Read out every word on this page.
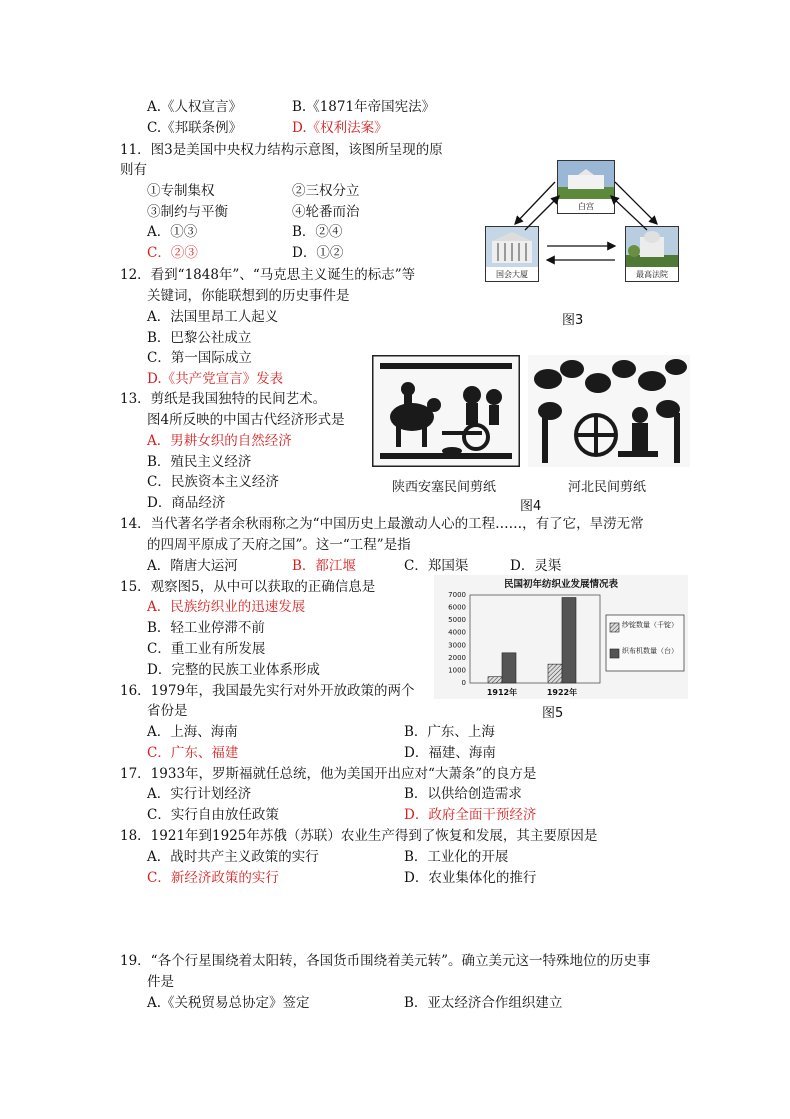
A.《人权宣言》	B.《1871年帝国宪法》
C.《邦联条例》	D.《权利法案》
11．图3是美国中央权力结构示意图，该图所呈现的原
则有
①专制集权	②三权分立
③制约与平衡	④轮番而治
A．①③	B．②④
C．②③	D．①②
白宫
国会大厦	最高法院
图3
12．看到“1848年”、“马克思主义诞生的标志”等
关键词，你能联想到的历史事件是
A．法国里昂工人起义
B．巴黎公社成立
C．第一国际成立
D.《共产党宣言》发表
13．剪纸是我国独特的民间艺术。
图4所反映的中国古代经济形式是
A．男耕女织的自然经济
B．殖民主义经济
C．民族资本主义经济
D．商品经济
陕西安塞民间剪纸	河北民间剪纸
图4
14．当代著名学者余秋雨称之为“中国历史上最激动人心的工程……，有了它，旱涝无常
的四周平原成了天府之国”。这一“工程”是指
A．隋唐大运河	B．都江堰	C．郑国渠	D．灵渠
15．观察图5，从中可以获取的正确信息是
A．民族纺织业的迅速发展
B．轻工业停滞不前
C．重工业有所发展
D．完整的民族工业体系形成
民国初年纺织业发展情况表
0
1000
2000
3000
4000
5000
6000
7000
1912年	1922年
纱锭数量（千锭）
织布机数量（台）
图5
16．1979年，我国最先实行对外开放政策的两个
省份是
A．上海、海南	B．广东、上海
C．广东、福建	D．福建、海南
17．1933年，罗斯福就任总统，他为美国开出应对“大萧条”的良方是
A．实行计划经济	B．以供给创造需求
C．实行自由放任政策	D．政府全面干预经济
18．1921年到1925年苏俄（苏联）农业生产得到了恢复和发展，其主要原因是
A．战时共产主义政策的实行	B．工业化的开展
C．新经济政策的实行	D．农业集体化的推行
19．“各个行星围绕着太阳转，各国货币围绕着美元转”。确立美元这一特殊地位的历史事
件是
A.《关税贸易总协定》签定	B．亚太经济合作组织建立
